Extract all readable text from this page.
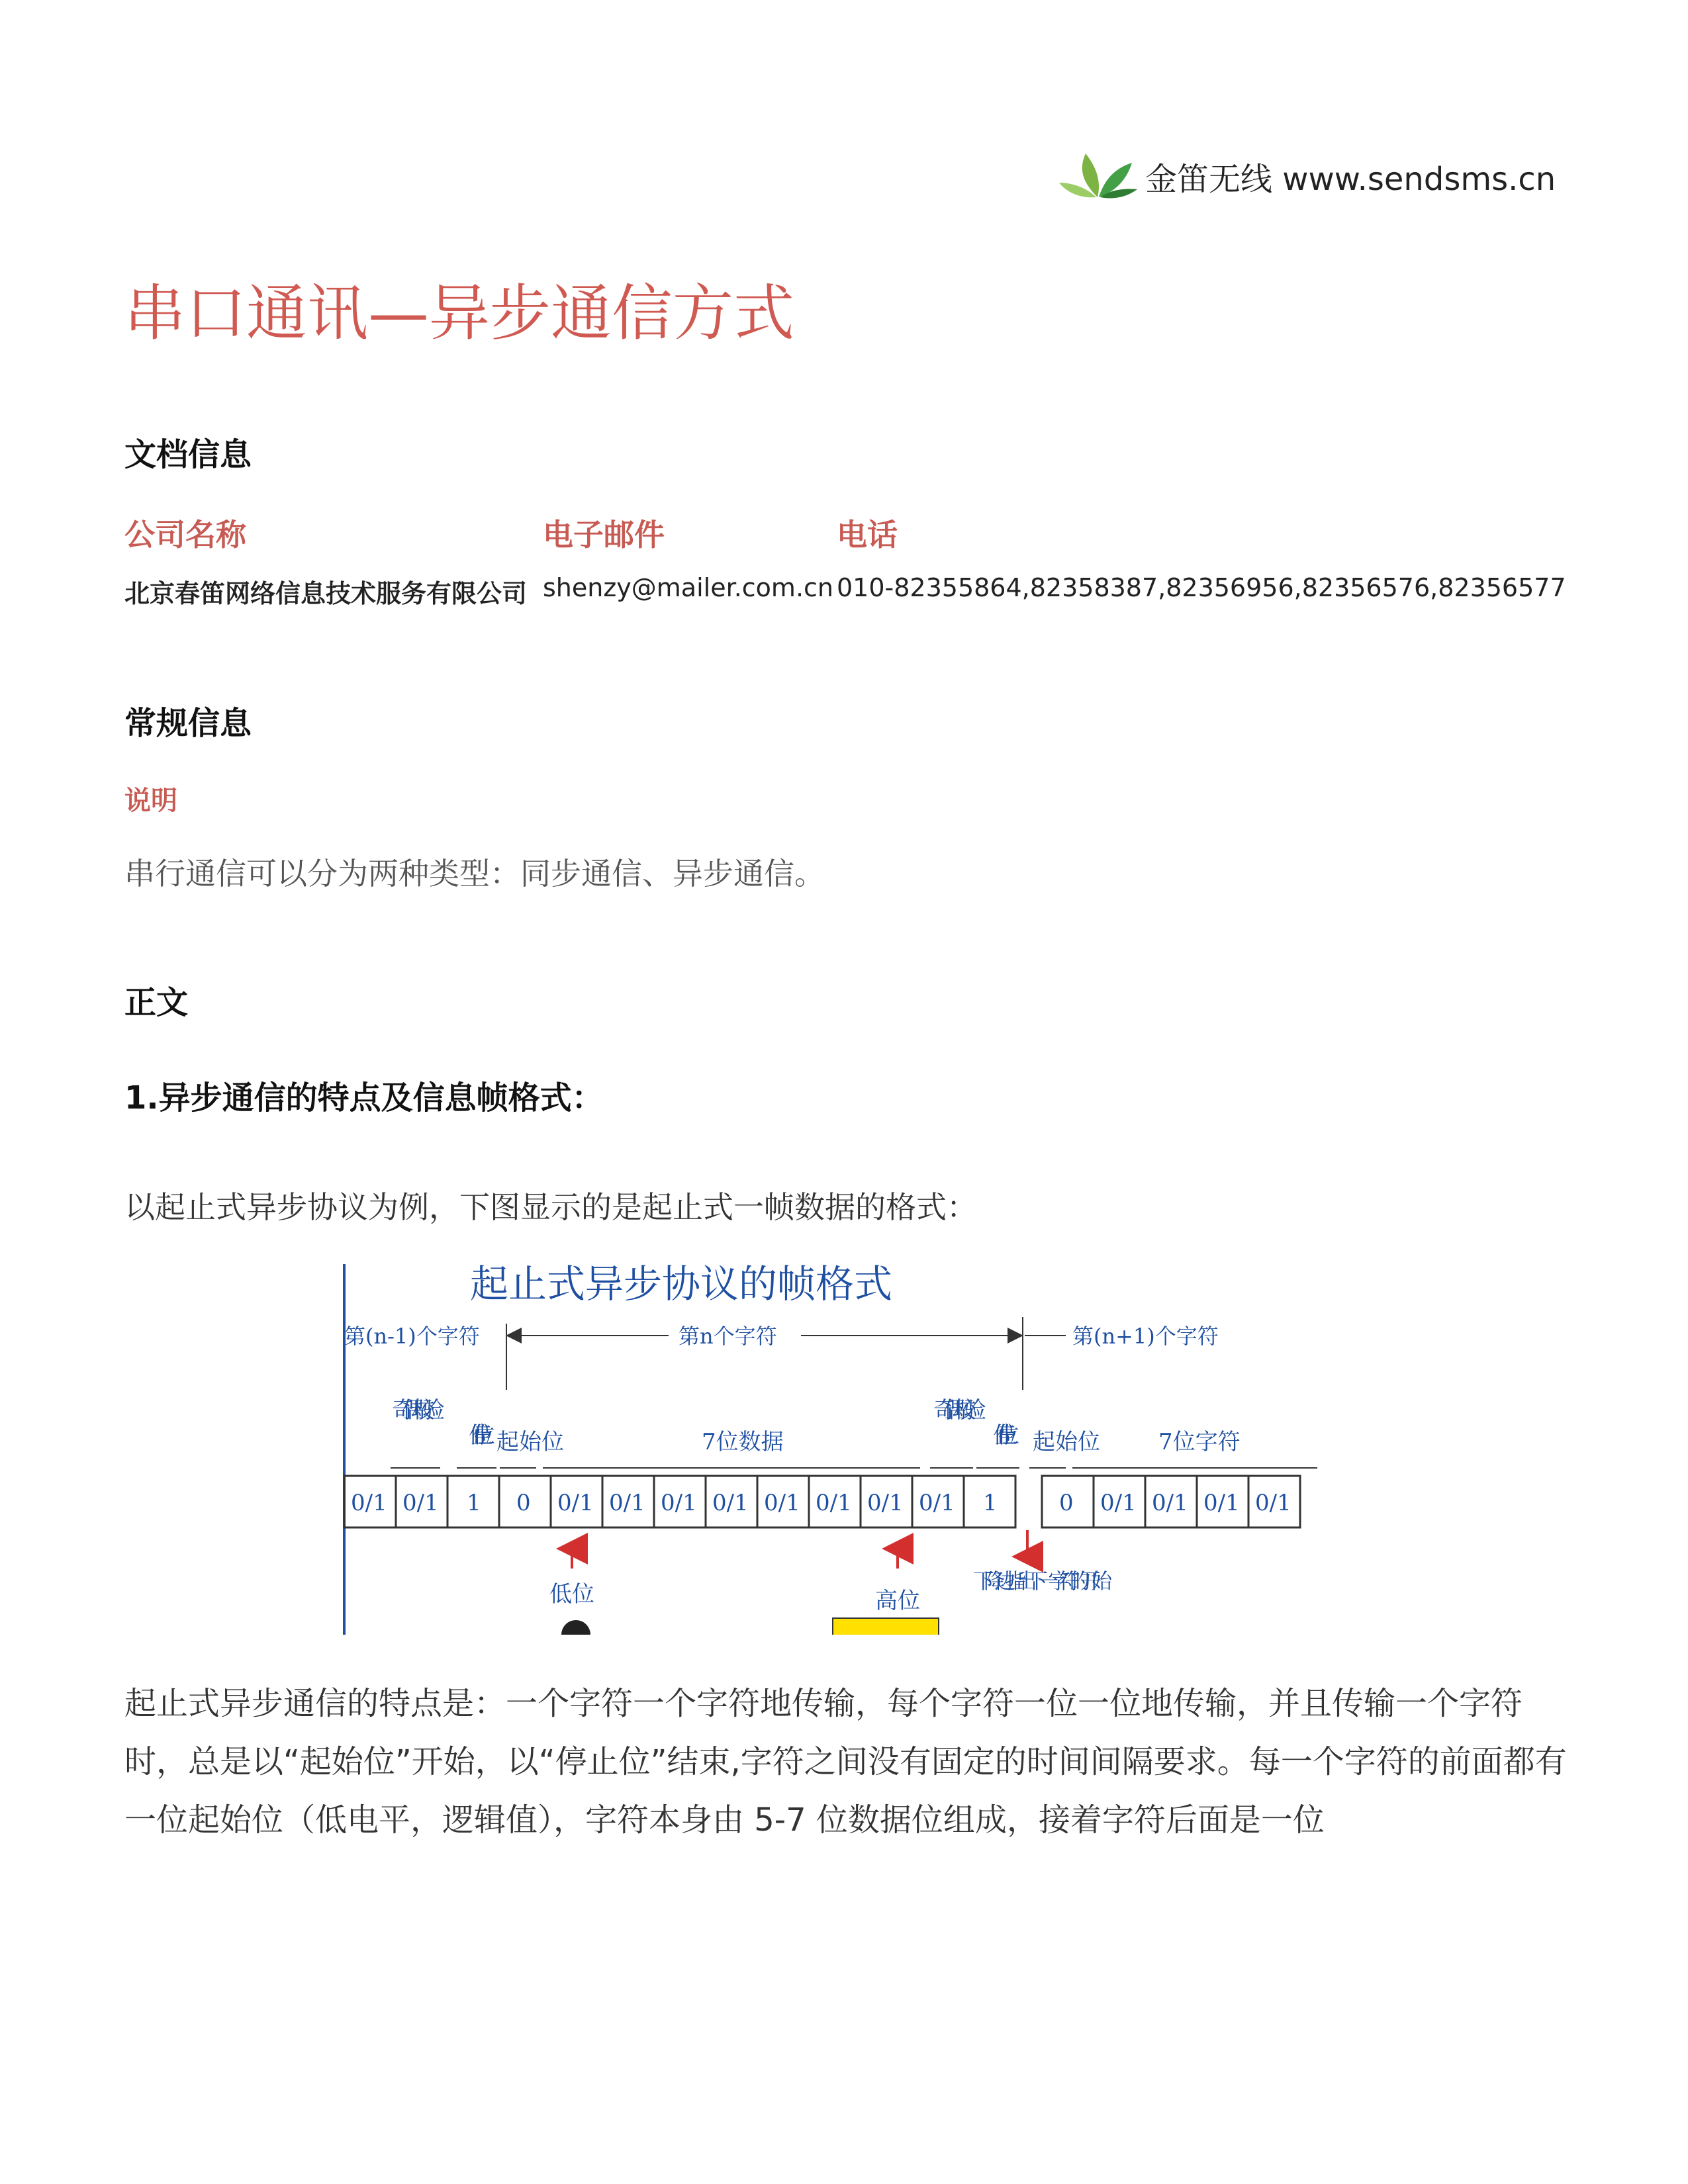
金笛无线 www.sendsms.cn
串口通讯—异步通信方式
文档信息
公司名称	电子邮件	电话
北京春笛网络信息技术服务有限公司 shenzy@mailer.com.cn 010-82355864,82358387,82356956,82356576,82356577
常规信息
说明
串行通信可以分为两种类型：同步通信、异步通信。
正文
1.异步通信的特点及信息帧格式：
以起止式异步协议为例，下图显示的是起止式一帧数据的格式：
起止式异步协议的帧格式
第(n-1)个字符	第n个字符	第(n+1)个字符
奇偶校验
停止位 起始位	7位数据
奇偶校验
停止位 起始位	7位字符
0/1 0/1 1 0 0/1 0/1 0/1 0/1 0/1 0/1 0/1 0/1 1	0 0/1 0/1 0/1 0/1
低位	高位
下降边指出下一字符的开始
起止式异步通信的特点是：一个字符一个字符地传输，每个字符一位一位地传输，并且传输一个字符时，总是以“起始位”开始，以“停止位”结束,字符之间没有固定的时间间隔要求。每一个字符的前面都有一位起始位（低电平，逻辑值），字符本身由 5-7 位数据位组成，接着字符后面是一位
